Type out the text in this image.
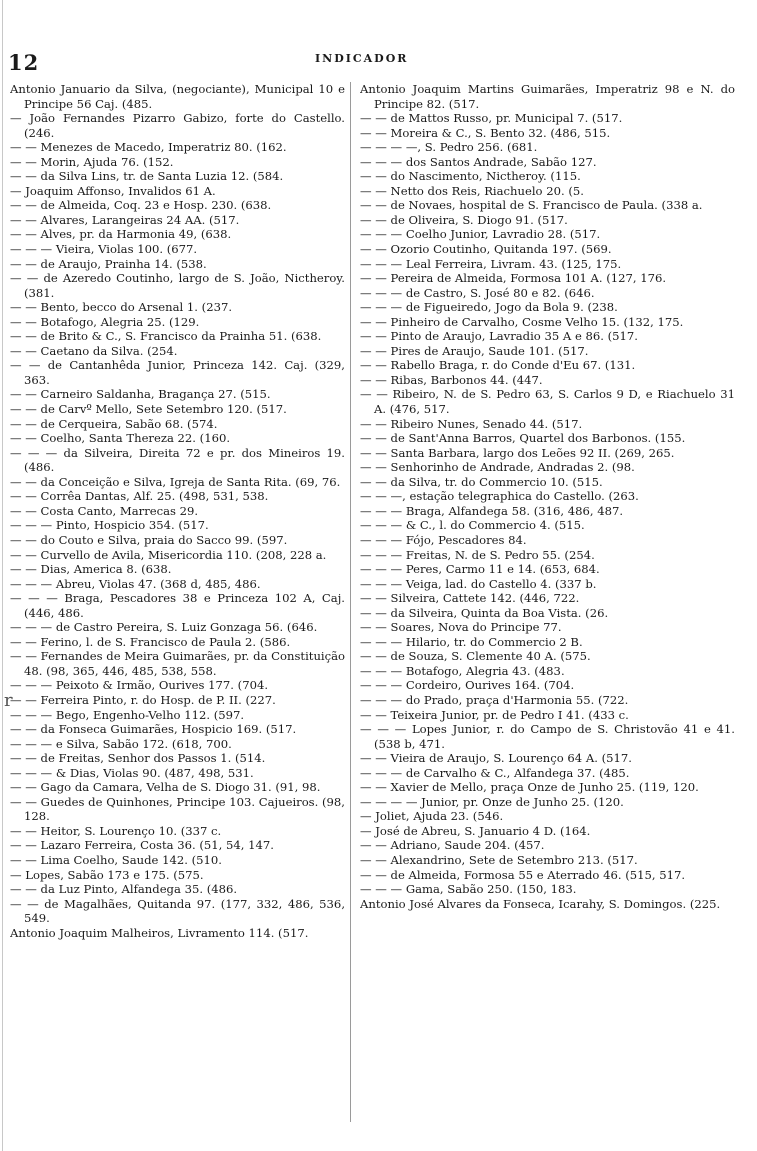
12	INDICADOR
r

Antonio Januario da Silva, (negociante), Municipal 10 e Principe 56 Caj. (485.

— João Fernandes Pizarro Gabizo, forte do Castello. (246.

— — Menezes de Macedo, Imperatriz 80. (162.

— — Morin, Ajuda 76. (152.

— — da Silva Lins, tr. de Santa Luzia 12. (584.

— Joaquim Affonso, Invalidos 61 A.

— — de Almeida, Coq. 23 e Hosp. 230. (638.

— — Alvares, Larangeiras 24 AA. (517.

— — Alves, pr. da Harmonia 49, (638.

— — — Vieira, Violas 100. (677.

— — de Araujo, Prainha 14. (538.

— — de Azeredo Coutinho, largo de S. João, Nictheroy. (381.

— — Bento, becco do Arsenal 1. (237.

— — Botafogo, Alegria 25. (129.

— — de Brito & C., S. Francisco da Prainha 51. (638.

— — Caetano da Silva. (254.

— — de Cantanhêda Junior, Princeza 142. Caj. (329, 363.

— — Carneiro Saldanha, Bragança 27. (515.

— — de Carvº Mello, Sete Setembro 120. (517.

— — de Cerqueira, Sabão 68. (574.

— — Coelho, Santa Thereza 22. (160.

— — — da Silveira, Direita 72 e pr. dos Mineiros 19. (486.

— — da Conceição e Silva, Igreja de Santa Rita. (69, 76.

— — Corrêa Dantas, Alf. 25. (498, 531, 538.

— — Costa Canto, Marrecas 29.

— — — Pinto, Hospicio 354. (517.

— — do Couto e Silva, praia do Sacco 99. (597.

— — Curvello de Avila, Misericordia 110. (208, 228 a.

— — Dias, America 8. (638.

— — — Abreu, Violas 47. (368 d, 485, 486.

— — — Braga, Pescadores 38 e Princeza 102 A, Caj. (446, 486.

— — — de Castro Pereira, S. Luiz Gonzaga 56. (646.

— — Ferino, l. de S. Francisco de Paula 2. (586.

— — Fernandes de Meira Guimarães, pr. da Constituição 48. (98, 365, 446, 485, 538, 558.

— — — Peixoto & Irmão, Ourives 177. (704.

— — Ferreira Pinto, r. do Hosp. de P. II. (227.

— — — Bego, Engenho-Velho 112. (597.

— — da Fonseca Guimarães, Hospicio 169. (517.

— — — e Silva, Sabão 172. (618, 700.

— — de Freitas, Senhor dos Passos 1. (514.

— — — & Dias, Violas 90. (487, 498, 531.

— — Gago da Camara, Velha de S. Diogo 31. (91, 98.

— — Guedes de Quinhones, Principe 103. Cajueiros. (98, 128.

— — Heitor, S. Lourenço 10. (337 c.

— — Lazaro Ferreira, Costa 36. (51, 54, 147.

— — Lima Coelho, Saude 142. (510.

— Lopes, Sabão 173 e 175. (575.

— — da Luz Pinto, Alfandega 35. (486.

— — de Magalhães, Quitanda 97. (177, 332, 486, 536, 549.

Antonio Joaquim Malheiros, Livramento 114. (517.

Antonio Joaquim Martins Guimarães, Imperatriz 98 e N. do Principe 82. (517.

— — de Mattos Russo, pr. Municipal 7. (517.

— — Moreira & C., S. Bento 32. (486, 515.

— — — —, S. Pedro 256. (681.

— — — dos Santos Andrade, Sabão 127.

— — do Nascimento, Nictheroy. (115.

— — Netto dos Reis, Riachuelo 20. (5.

— — de Novaes, hospital de S. Francisco de Paula. (338 a.

— — de Oliveira, S. Diogo 91. (517.

— — — Coelho Junior, Lavradio 28. (517.

— — Ozorio Coutinho, Quitanda 197. (569.

— — — Leal Ferreira, Livram. 43. (125, 175.

— — Pereira de Almeida, Formosa 101 A. (127, 176.

— — — de Castro, S. José 80 e 82. (646.

— — — de Figueiredo, Jogo da Bola 9. (238.

— — Pinheiro de Carvalho, Cosme Velho 15. (132, 175.

— — Pinto de Araujo, Lavradio 35 A e 86. (517.

— — Pires de Araujo, Saude 101. (517.

— — Rabello Braga, r. do Conde d'Eu 67. (131.

— — Ribas, Barbonos 44. (447.

— — Ribeiro, N. de S. Pedro 63, S. Carlos 9 D, e Riachuelo 31 A. (476, 517.

— — Ribeiro Nunes, Senado 44. (517.

— — de Sant'Anna Barros, Quartel dos Barbonos. (155.

— — Santa Barbara, largo dos Leões 92 II. (269, 265.

— — Senhorinho de Andrade, Andradas 2. (98.

— — da Silva, tr. do Commercio 10. (515.

— — —, estação telegraphica do Castello. (263.

— — — Braga, Alfandega 58. (316, 486, 487.

— — — & C., l. do Commercio 4. (515.

— — — Fójo, Pescadores 84.

— — — Freitas, N. de S. Pedro 55. (254.

— — — Peres, Carmo 11 e 14. (653, 684.

— — — Veiga, lad. do Castello 4. (337 b.

— — Silveira, Cattete 142. (446, 722.

— — da Silveira, Quinta da Boa Vista. (26.

— — Soares, Nova do Principe 77.

— — — Hilario, tr. do Commercio 2 B.

— — de Souza, S. Clemente 40 A. (575.

— — — Botafogo, Alegria 43. (483.

— — — Cordeiro, Ourives 164. (704.

— — — do Prado, praça d'Harmonia 55. (722.

— — Teixeira Junior, pr. de Pedro I 41. (433 c.

— — — Lopes Junior, r. do Campo de S. Christovão 41 e 41. (538 b, 471.

— — Vieira de Araujo, S. Lourenço 64 A. (517.

— — — de Carvalho & C., Alfandega 37. (485.

— — Xavier de Mello, praça Onze de Junho 25. (119, 120.

— — — — Junior, pr. Onze de Junho 25. (120.

— Joliet, Ajuda 23. (546.

— José de Abreu, S. Januario 4 D. (164.

— — Adriano, Saude 204. (457.

— — Alexandrino, Sete de Setembro 213. (517.

— — de Almeida, Formosa 55 e Aterrado 46. (515, 517.

— — — Gama, Sabão 250. (150, 183.

Antonio José Alvares da Fonseca, Icarahy, S. Domingos. (225.
